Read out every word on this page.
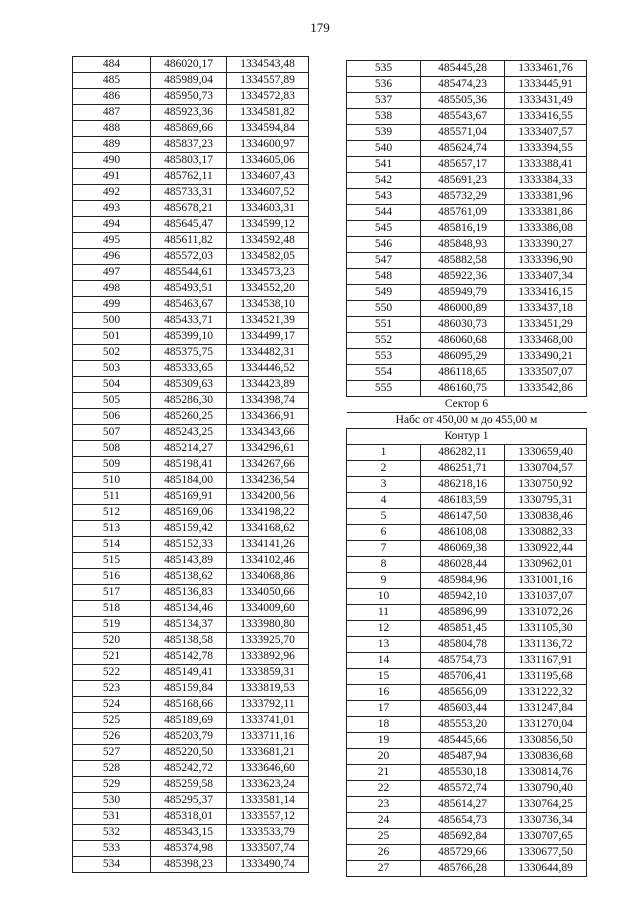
179
484	486020,17	1334543,48
485	485989,04	1334557,89
486	485950,73	1334572,83
487	485923,36	1334581,82
488	485869,66	1334594,84
489	485837,23	1334600,97
490	485803,17	1334605,06
491	485762,11	1334607,43
492	485733,31	1334607,52
493	485678,21	1334603,31
494	485645,47	1334599,12
495	485611,82	1334592,48
496	485572,03	1334582,05
497	485544,61	1334573,23
498	485493,51	1334552,20
499	485463,67	1334538,10
500	485433,71	1334521,39
501	485399,10	1334499,17
502	485375,75	1334482,31
503	485333,65	1334446,52
504	485309,63	1334423,89
505	485286,30	1334398,74
506	485260,25	1334366,91
507	485243,25	1334343,66
508	485214,27	1334296,61
509	485198,41	1334267,66
510	485184,00	1334236,54
511	485169,91	1334200,56
512	485169,06	1334198,22
513	485159,42	1334168,62
514	485152,33	1334141,26
515	485143,89	1334102,46
516	485138,62	1334068,86
517	485136,83	1334050,66
518	485134,46	1334009,60
519	485134,37	1333980,80
520	485138,58	1333925,70
521	485142,78	1333892,96
522	485149,41	1333859,31
523	485159,84	1333819,53
524	485168,66	1333792,11
525	485189,69	1333741,01
526	485203,79	1333711,16
527	485220,50	1333681,21
528	485242,72	1333646,60
529	485259,58	1333623,24
530	485295,37	1333581,14
531	485318,01	1333557,12
532	485343,15	1333533,79
533	485374,98	1333507,74
534	485398,23	1333490,74
535	485445,28	1333461,76
536	485474,23	1333445,91
537	485505,36	1333431,49
538	485543,67	1333416,55
539	485571,04	1333407,57
540	485624,74	1333394,55
541	485657,17	1333388,41
542	485691,23	1333384,33
543	485732,29	1333381,96
544	485761,09	1333381,86
545	485816,19	1333386,08
546	485848,93	1333390,27
547	485882,58	1333396,90
548	485922,36	1333407,34
549	485949,79	1333416,15
550	486000,89	1333437,18
551	486030,73	1333451,29
552	486060,68	1333468,00
553	486095,29	1333490,21
554	486118,65	1333507,07
555	486160,75	1333542,86
Сектор 6		
Набс от 450,00 м до 455,00 м		
Контур 1		
1	486282,11	1330659,40
2	486251,71	1330704,57
3	486218,16	1330750,92
4	486183,59	1330795,31
5	486147,50	1330838,46
6	486108,08	1330882,33
7	486069,38	1330922,44
8	486028,44	1330962,01
9	485984,96	1331001,16
10	485942,10	1331037,07
11	485896,99	1331072,26
12	485851,45	1331105,30
13	485804,78	1331136,72
14	485754,73	1331167,91
15	485706,41	1331195,68
16	485656,09	1331222,32
17	485603,44	1331247,84
18	485553,20	1331270,04
19	485445,66	1330856,50
20	485487,94	1330836,68
21	485530,18	1330814,76
22	485572,74	1330790,40
23	485614,27	1330764,25
24	485654,73	1330736,34
25	485692,84	1330707,65
26	485729,66	1330677,50
27	485766,28	1330644,89
